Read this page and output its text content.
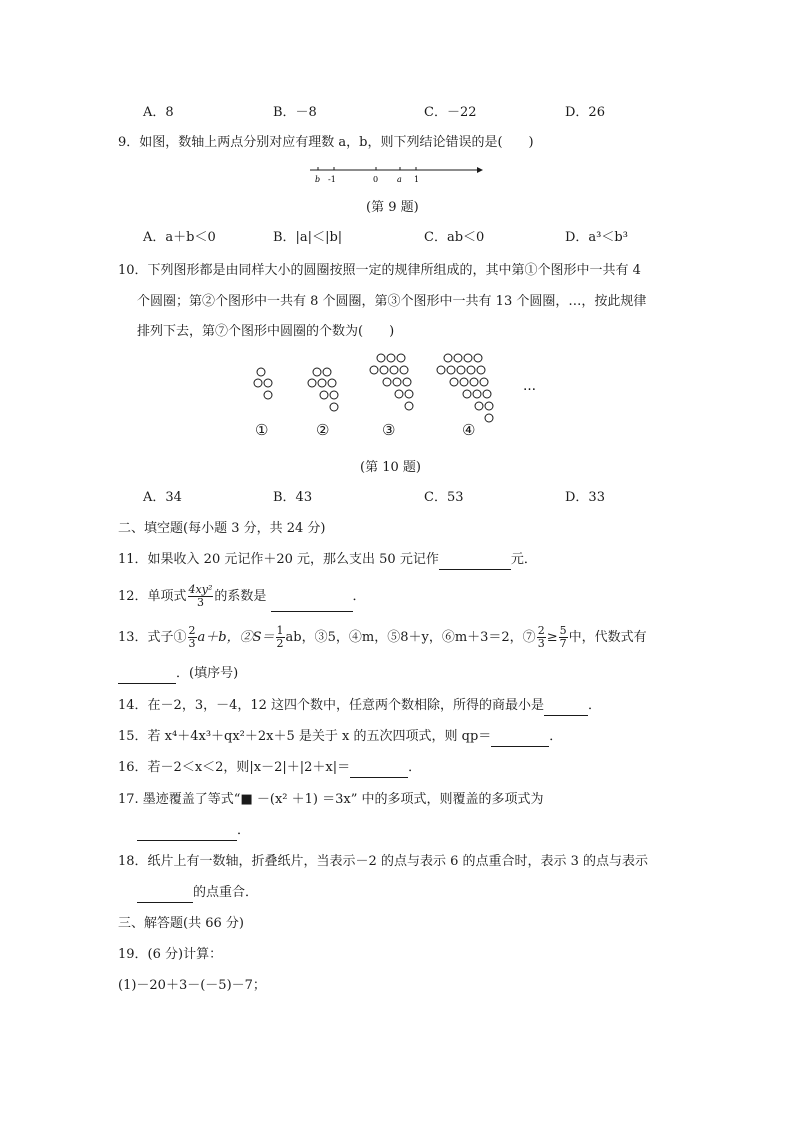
A．8	B．－8	C．－22	D．26
9．如图，数轴上两点分别对应有理数 a，b，则下列结论错误的是(　　)
b -1	0 a 1
(第 9 题)
A．a＋b＜0	B．|a|＜|b|	C．ab＜0	D．a³＜b³
10．下列图形都是由同样大小的圆圈按照一定的规律所组成的，其中第①个图形中一共有 4
个圆圈；第②个图形中一共有 8 个圆圈，第③个图形中一共有 13 个圆圈，…，按此规律
排列下去，第⑦个图形中圆圈的个数为(　　)
…
①	②	③	④
(第 10 题)
A．34	B．43	C．53	D．33
二、填空题(每小题 3 分，共 24 分)
11．如果收入 20 元记作＋20 元，那么支出 50 元记作	元．
12．单项式 $\frac{\text{4xy²}}{3}$ 的系数是	．
13．式子① $\frac{2}{3} a+b$，②S＝ $\frac{1}{2}$ ab，③5，④m，⑤8＋y，⑥m＋3＝2，⑦ $\frac{2}{3} \ge \frac{5}{7}$ 中，代数式有
．(填序号)
14．在－2，3，－4，12 这四个数中，任意两个数相除，所得的商最小是	．
15．若 x⁴＋4x³＋qx²＋2x＋5 是关于 x 的五次四项式，则 qp＝	．
16．若－2＜x＜2，则|x－2|＋|2＋x|＝	．
17. 墨迹覆盖了等式“■ －(x² ＋1) ＝3x” 中的多项式，则覆盖的多项式为
．
18．纸片上有一数轴，折叠纸片，当表示－2 的点与表示 6 的点重合时，表示 3 的点与表示
的点重合．
三、解答题(共 66 分)
19．(6 分)计算：
(1)－20＋3－(－5)－7；
